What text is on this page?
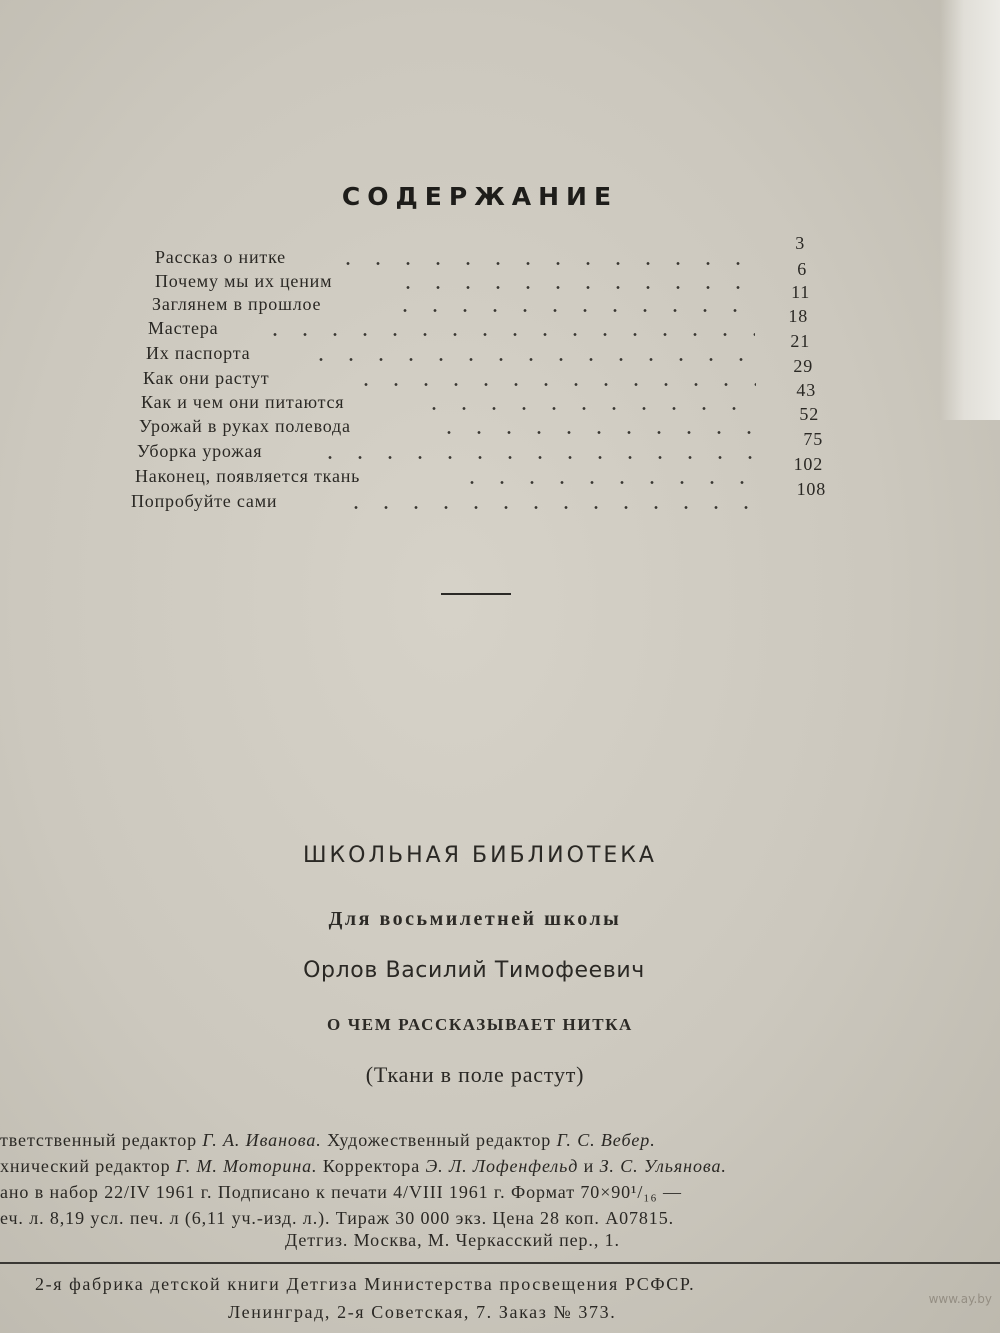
СОДЕРЖАНИЕ
Рассказ о нитке
3
Почему мы их ценим
6
Заглянем в прошлое
11
Мастера
18
Их паспорта
21
Как они растут
29
Как и чем они питаются
43
Урожай в руках полевода
52
Уборка урожая
75
Наконец, появляется ткань
102
Попробуйте сами
108
ШКОЛЬНАЯ БИБЛИОТЕКА
Для восьмилетней школы
Орлов Василий Тимофеевич
О ЧЕМ РАССКАЗЫВАЕТ НИТКА
(Ткани в поле растут)
тветственный редактор Г. А. Иванова. Художественный редактор Г. С. Вебер.
хнический редактор Г. М. Моторина. Корректора Э. Л. Лофенфельд и З. С. Ульянова.
ано в набор 22/IV 1961 г. Подписано к печати 4/VIII 1961 г. Формат 70×90¹/₁₆ —
еч. л. 8,19 усл. печ. л (6,11 уч.-изд. л.). Тираж 30 000 экз. Цена 28 коп. А07815.
Детгиз. Москва, М. Черкасский пер., 1.
2-я фабрика детской книги Детгиза Министерства просвещения РСФСР.
Ленинград, 2-я Советская, 7. Заказ № 373.
www.ay.by
